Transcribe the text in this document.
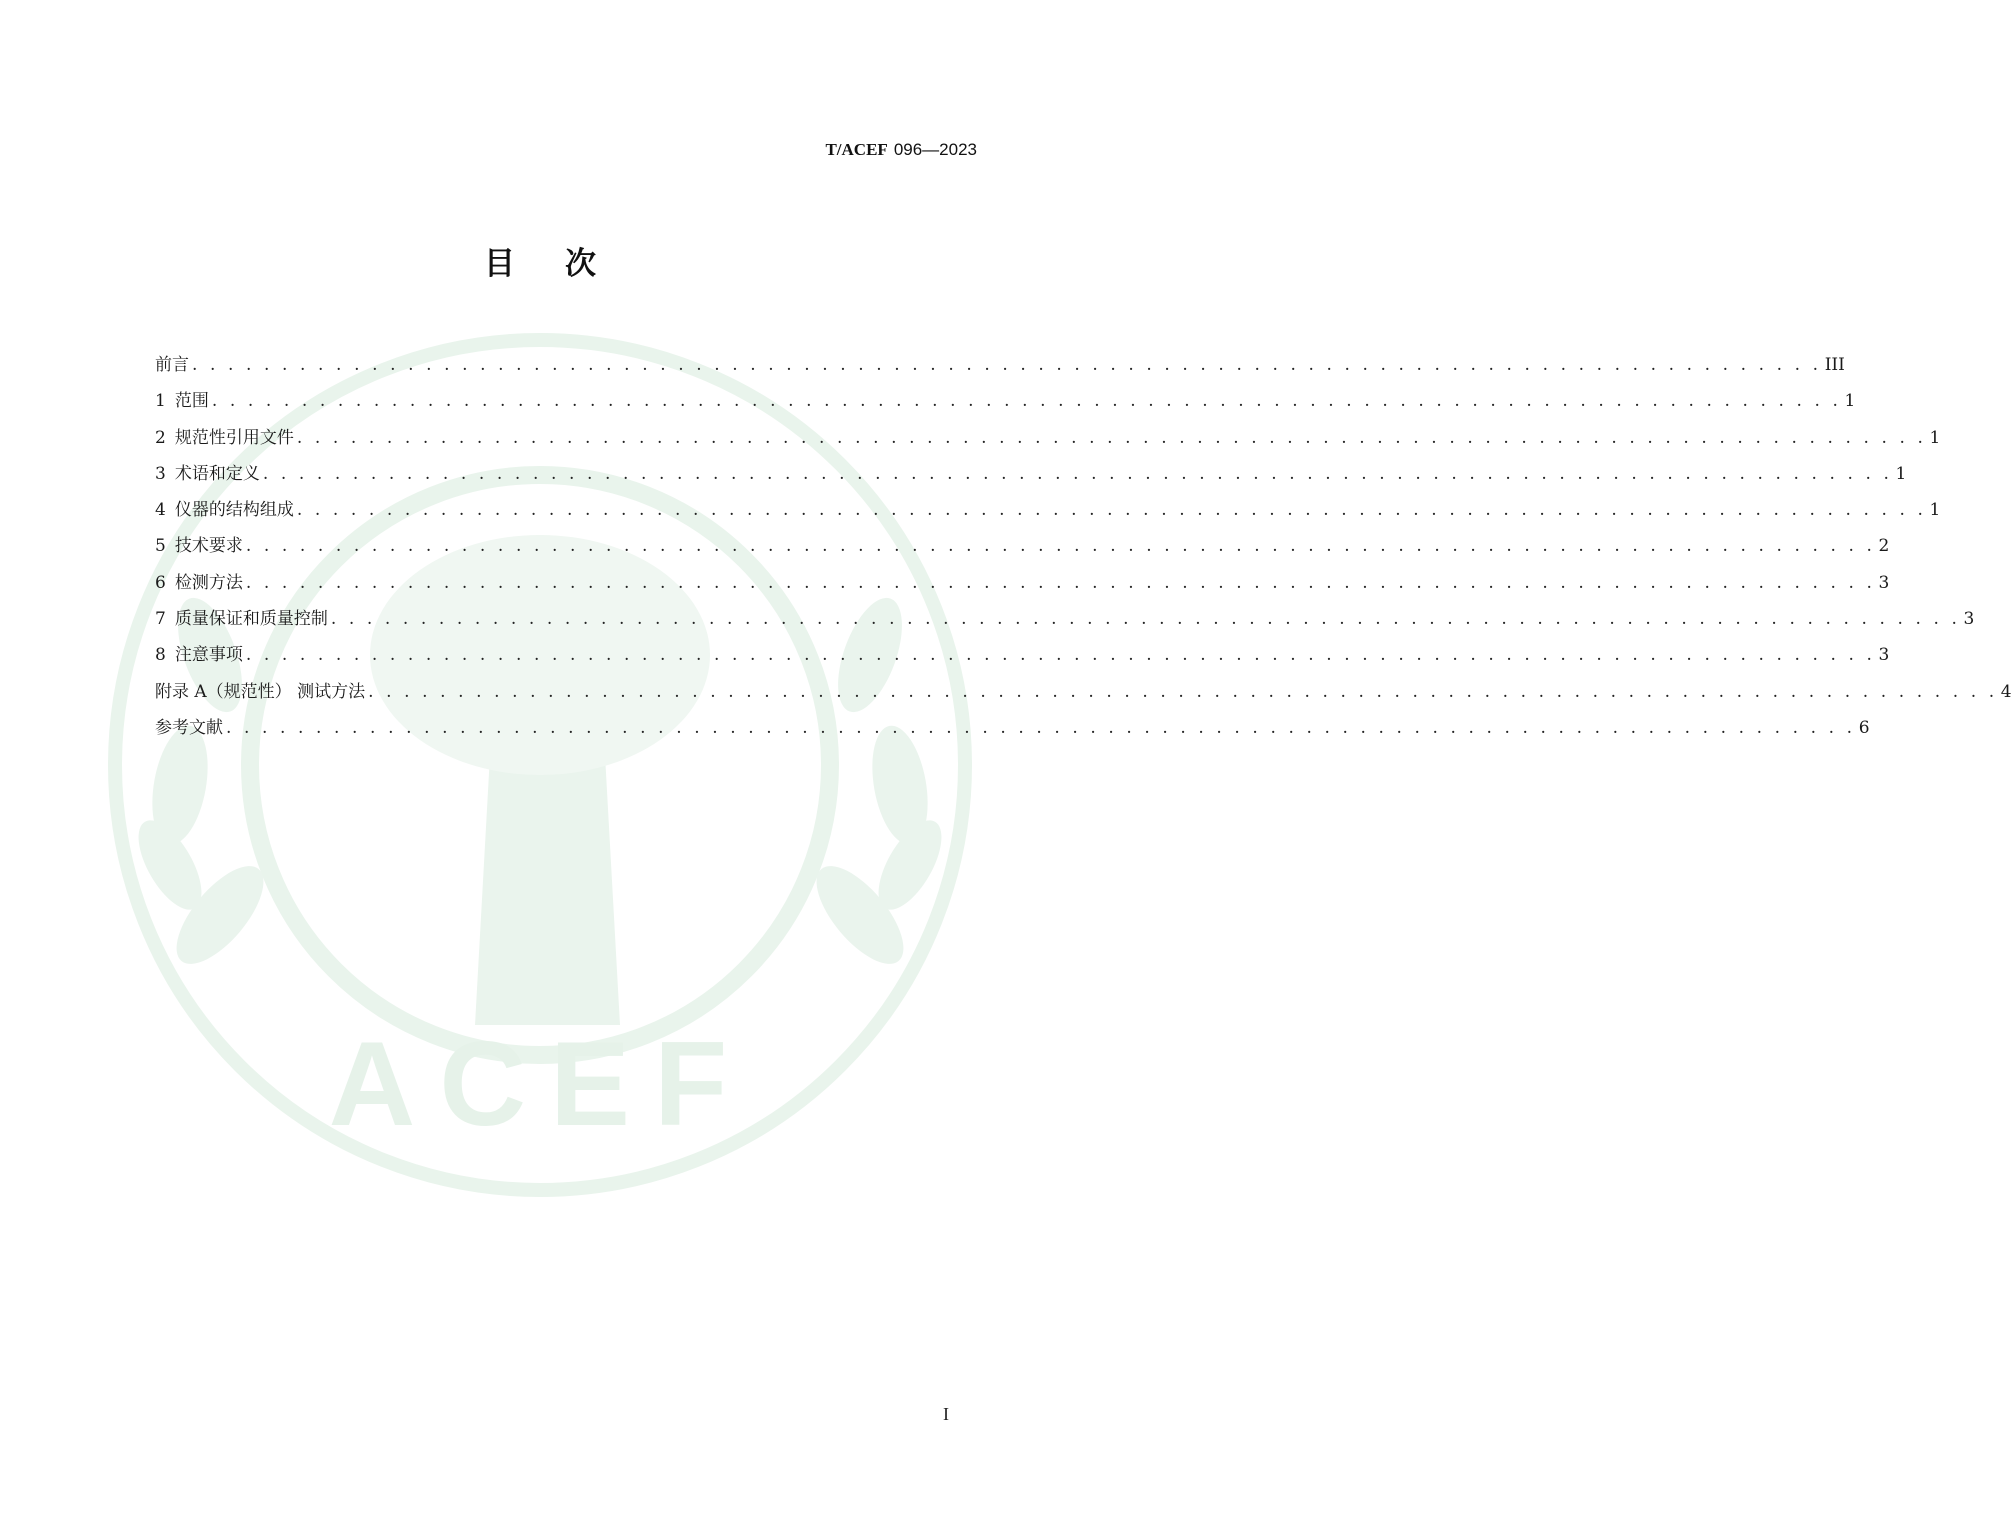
ACEF
T/ACEF 096—2023
目次
前言 . . . . . . . . . . . . . . . . . . . . . . . . . . . . . . . . . . . . . . . . . . . . . . . . . . . . . . . . . . . . . . . . . . . . . . . . . . . . . . . . . . . . . . . . . . . III
1 范围 . . . . . . . . . . . . . . . . . . . . . . . . . . . . . . . . . . . . . . . . . . . . . . . . . . . . . . . . . . . . . . . . . . . . . . . . . . . . . . . . . . . . . . . . . . . 1
2 规范性引用文件 . . . . . . . . . . . . . . . . . . . . . . . . . . . . . . . . . . . . . . . . . . . . . . . . . . . . . . . . . . . . . . . . . . . . . . . . . . . . . . . . . . . . . . . . . . . 1
3 术语和定义 . . . . . . . . . . . . . . . . . . . . . . . . . . . . . . . . . . . . . . . . . . . . . . . . . . . . . . . . . . . . . . . . . . . . . . . . . . . . . . . . . . . . . . . . . . . 1
4 仪器的结构组成 . . . . . . . . . . . . . . . . . . . . . . . . . . . . . . . . . . . . . . . . . . . . . . . . . . . . . . . . . . . . . . . . . . . . . . . . . . . . . . . . . . . . . . . . . . . 1
5 技术要求 . . . . . . . . . . . . . . . . . . . . . . . . . . . . . . . . . . . . . . . . . . . . . . . . . . . . . . . . . . . . . . . . . . . . . . . . . . . . . . . . . . . . . . . . . . . 2
6 检测方法 . . . . . . . . . . . . . . . . . . . . . . . . . . . . . . . . . . . . . . . . . . . . . . . . . . . . . . . . . . . . . . . . . . . . . . . . . . . . . . . . . . . . . . . . . . . 3
7 质量保证和质量控制 . . . . . . . . . . . . . . . . . . . . . . . . . . . . . . . . . . . . . . . . . . . . . . . . . . . . . . . . . . . . . . . . . . . . . . . . . . . . . . . . . . . . . . . . . . . 3
8 注意事项 . . . . . . . . . . . . . . . . . . . . . . . . . . . . . . . . . . . . . . . . . . . . . . . . . . . . . . . . . . . . . . . . . . . . . . . . . . . . . . . . . . . . . . . . . . . 3
附录 A（规范性） 测试方法 . . . . . . . . . . . . . . . . . . . . . . . . . . . . . . . . . . . . . . . . . . . . . . . . . . . . . . . . . . . . . . . . . . . . . . . . . . . . . . . . . . . . . . . . . . . 4
参考文献 . . . . . . . . . . . . . . . . . . . . . . . . . . . . . . . . . . . . . . . . . . . . . . . . . . . . . . . . . . . . . . . . . . . . . . . . . . . . . . . . . . . . . . . . . . . 6
I
